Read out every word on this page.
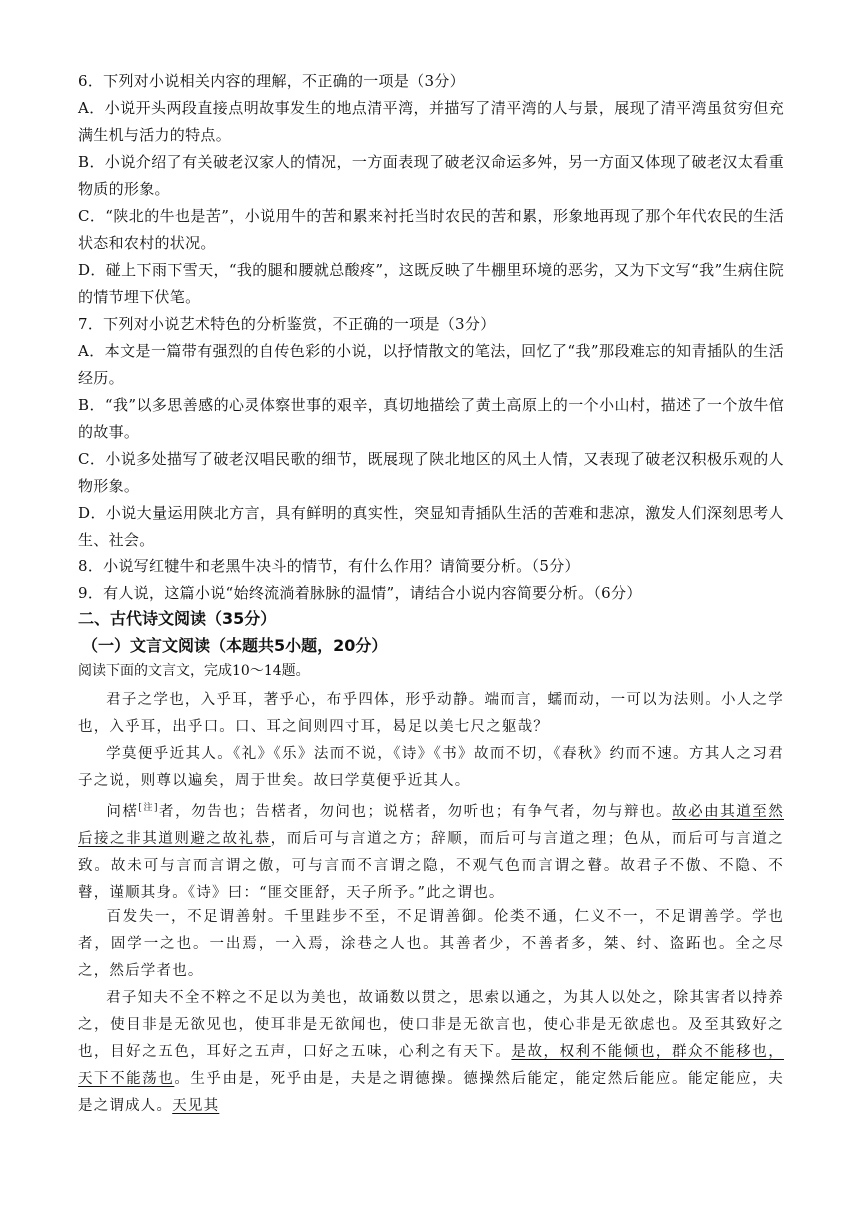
6．下列对小说相关内容的理解，不正确的一项是（3分）
A．小说开头两段直接点明故事发生的地点清平湾，并描写了清平湾的人与景，展现了清平湾虽贫穷但充满生机与活力的特点。
B．小说介绍了有关破老汉家人的情况，一方面表现了破老汉命运多舛，另一方面又体现了破老汉太看重物质的形象。
C．“陕北的牛也是苦”，小说用牛的苦和累来衬托当时农民的苦和累，形象地再现了那个年代农民的生活状态和农村的状况。
D．碰上下雨下雪天，“我的腿和腰就总酸疼”，这既反映了牛棚里环境的恶劣，又为下文写“我”生病住院的情节埋下伏笔。
7．下列对小说艺术特色的分析鉴赏，不正确的一项是（3分）
A．本文是一篇带有强烈的自传色彩的小说，以抒情散文的笔法，回忆了“我”那段难忘的知青插队的生活经历。
B．“我”以多思善感的心灵体察世事的艰辛，真切地描绘了黄土高原上的一个小山村，描述了一个放牛倌的故事。
C．小说多处描写了破老汉唱民歌的细节，既展现了陕北地区的风土人情，又表现了破老汉积极乐观的人物形象。
D．小说大量运用陕北方言，具有鲜明的真实性，突显知青插队生活的苦难和悲凉，激发人们深刻思考人生、社会。
8．小说写红犍牛和老黑牛决斗的情节，有什么作用？请简要分析。（5分）
9．有人说，这篇小说“始终流淌着脉脉的温情”，请结合小说内容简要分析。（6分）
二、古代诗文阅读（35分）
（一）文言文阅读（本题共5小题，20分）
阅读下面的文言文，完成10～14题。
君子之学也，入乎耳，著乎心，布乎四体，形乎动静。端而言，蠕而动，一可以为法则。小人之学也，入乎耳，出乎口。口、耳之间则四寸耳，曷足以美七尺之躯哉？
学莫便乎近其人。《礼》《乐》法而不说，《诗》《书》故而不切，《春秋》约而不速。方其人之习君子之说，则尊以遍矣，周于世矣。故曰学莫便乎近其人。
问楛[注]者，勿告也；告楛者，勿问也；说楛者，勿听也；有争气者，勿与辩也。故必由其道至然后接之非其道则避之故礼恭，而后可与言道之方；辞顺，而后可与言道之理；色从，而后可与言道之致。故未可与言而言谓之傲，可与言而不言谓之隐，不观气色而言谓之瞽。故君子不傲、不隐、不瞽，谨顺其身。《诗》曰：“匪交匪舒，天子所予。”此之谓也。
百发失一，不足谓善射。千里跬步不至，不足谓善御。伦类不通，仁义不一，不足谓善学。学也者，固学一之也。一出焉，一入焉，涂巷之人也。其善者少，不善者多，桀、纣、盗跖也。全之尽之，然后学者也。
君子知夫不全不粹之不足以为美也，故诵数以贯之，思索以通之，为其人以处之，除其害者以持养之，使目非是无欲见也，使耳非是无欲闻也，使口非是无欲言也，使心非是无欲虑也。及至其致好之也，目好之五色，耳好之五声，口好之五味，心利之有天下。是故，权利不能倾也，群众不能移也，天下不能荡也。生乎由是，死乎由是，夫是之谓德操。德操然后能定，能定然后能应。能定能应，夫是之谓成人。天见其
